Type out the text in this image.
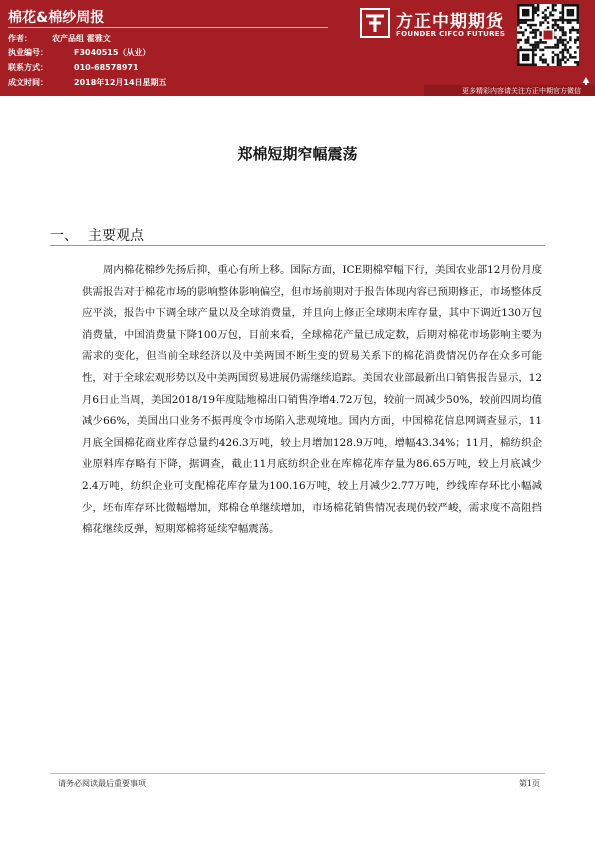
棉花&棉纱周报
作者：	农产品组 霍雅文
执业编号：	F3040515（从业）
联系方式：	010-68578971
成文时间：	2018年12月14日星期五
方正中期期货
FOUNDER CIFCO FUTURES
更多精彩内容请关注方正中期官方微信
郑棉短期窄幅震荡
一、 主要观点

周内棉花棉纱先扬后抑，重心有所上移。国际方面，ICE期棉窄幅下行，美国农业部12月份月度供需报告对于棉花市场的影响整体影响偏空，但市场前期对于报告体现内容已预期修正，市场整体反应平淡，报告中下调全球产量以及全球消费量，并且向上修正全球期末库存量，其中下调近130万包消费量，中国消费量下降100万包，目前来看，全球棉花产量已成定数，后期对棉花市场影响主要为需求的变化，但当前全球经济以及中美两国不断生变的贸易关系下的棉花消费情况仍存在众多可能性，对于全球宏观形势以及中美两国贸易进展仍需继续追踪。美国农业部最新出口销售报告显示，12月6日止当周，美国2018/19年度陆地棉出口销售净增4.72万包，较前一周减少50%，较前四周均值减少66%，美国出口业务不振再度令市场陷入悲观境地。国内方面，中国棉花信息网调查显示，11月底全国棉花商业库存总量约426.3万吨，较上月增加128.9万吨，增幅43.34%；11月，棉纺织企业原料库存略有下降，据调查，截止11月底纺织企业在库棉花库存量为86.65万吨，较上月底减少2.4万吨，纺织企业可支配棉花库存量为100.16万吨，较上月减少2.77万吨，纱线库存环比小幅减少，坯布库存环比微幅增加，郑棉仓单继续增加，市场棉花销售情况表现仍较严峻，需求度不高阻挡棉花继续反弹，短期郑棉将延续窄幅震荡。

请务必阅读最后重要事项	第1页
